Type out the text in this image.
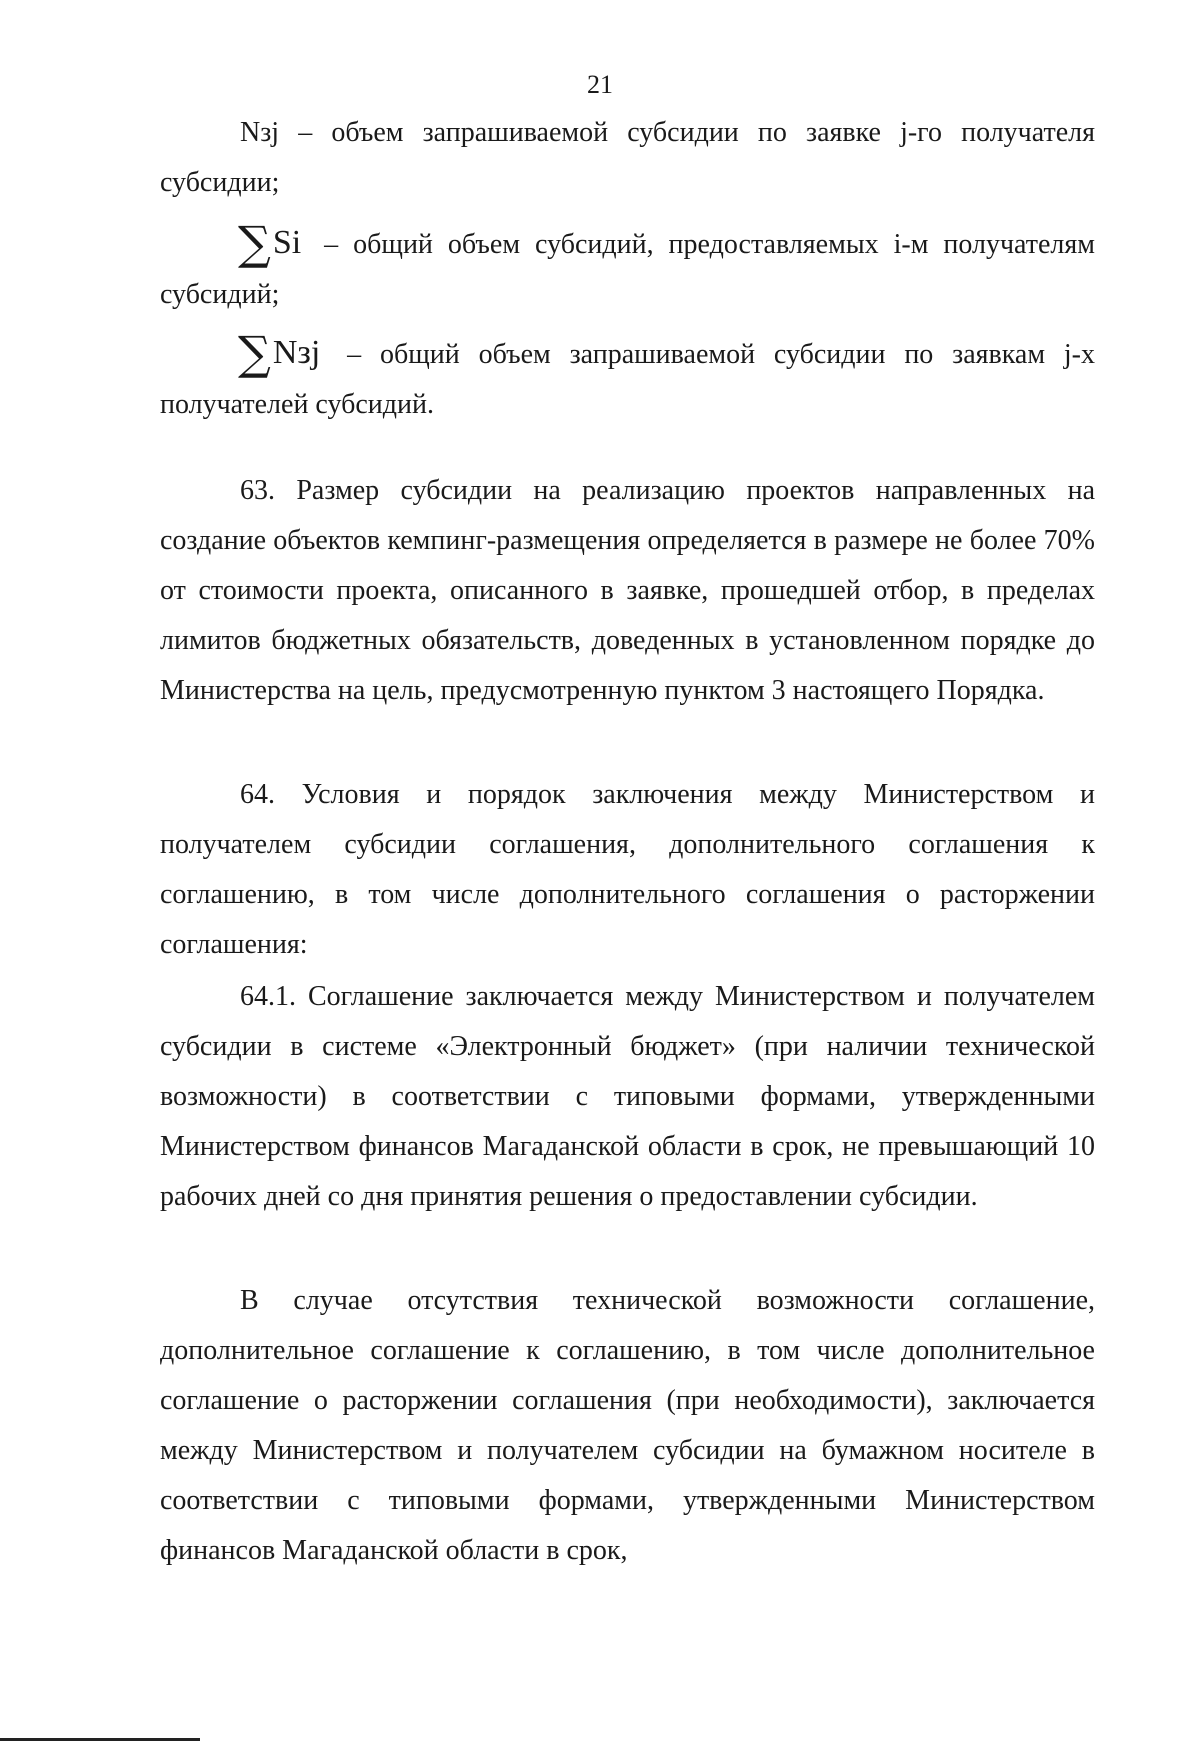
21

Nзj – объем запрашиваемой субсидии по заявке j-го получателя субсидии;

∑Si – общий объем субсидий, предоставляемых i-м получателям субсидий;

∑Nзj – общий объем запрашиваемой субсидии по заявкам j-х получателей субсидий.

63. Размер субсидии на реализацию проектов направленных на создание объектов кемпинг-размещения определяется в размере не более 70% от стоимости проекта, описанного в заявке, прошедшей отбор, в пределах лимитов бюджетных обязательств, доведенных в установленном порядке до Министерства на цель, предусмотренную пунктом 3 настоящего Порядка.

64. Условия и порядок заключения между Министерством и получателем субсидии соглашения, дополнительного соглашения к соглашению, в том числе дополнительного соглашения о расторжении соглашения:

64.1. Соглашение заключается между Министерством и получателем субсидии в системе «Электронный бюджет» (при наличии технической возможности) в соответствии с типовыми формами, утвержденными Министерством финансов Магаданской области в срок, не превышающий 10 рабочих дней со дня принятия решения о предоставлении субсидии.

В случае отсутствия технической возможности соглашение, дополнительное соглашение к соглашению, в том числе дополнительное соглашение о расторжении соглашения (при необходимости), заключается между Министерством и получателем субсидии на бумажном носителе в соответствии с типовыми формами, утвержденными Министерством финансов Магаданской области в срок,
